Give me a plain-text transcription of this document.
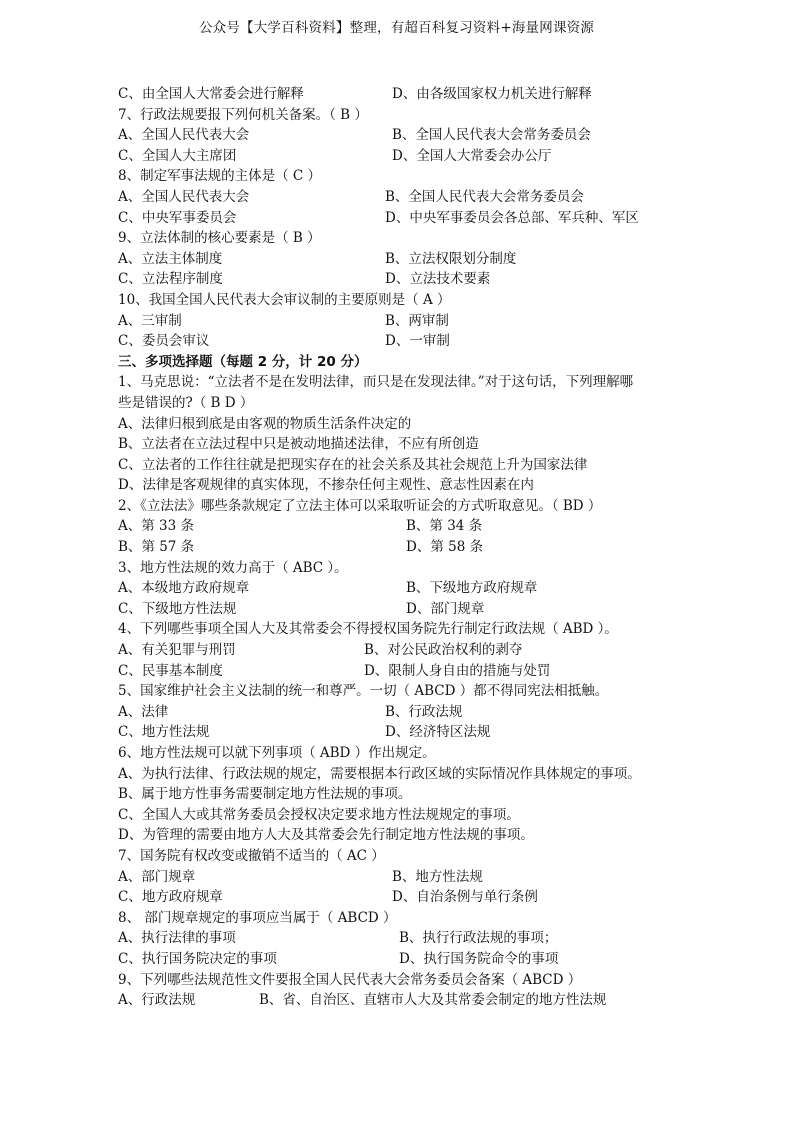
公众号【大学百科资料】整理，有超百科复习资料+海量网课资源
C、由全国人大常委会进行解释	D、由各级国家权力机关进行解释
7、行政法规要报下列何机关备案。（ B ）
A、全国人民代表大会	B、全国人民代表大会常务委员会
C、全国人大主席团	D、全国人大常委会办公厅
8、制定军事法规的主体是（ C ）
A、全国人民代表大会	B、全国人民代表大会常务委员会
C、中央军事委员会	D、中央军事委员会各总部、军兵种、军区
9、立法体制的核心要素是（ B ）
A、立法主体制度	B、立法权限划分制度
C、立法程序制度	D、立法技术要素
10、我国全国人民代表大会审议制的主要原则是（ A ）
A、三审制	B、两审制
C、委员会审议	D、一审制
三、多项选择题（每题 2 分，计 20 分）
1、马克思说：“立法者不是在发明法律，而只是在发现法律。”对于这句话，下列理解哪
些是错误的?（ B D ）
A、法律归根到底是由客观的物质生活条件决定的
B、立法者在立法过程中只是被动地描述法律，不应有所创造
C、立法者的工作往往就是把现实存在的社会关系及其社会规范上升为国家法律
D、法律是客观规律的真实体现，不掺杂任何主观性、意志性因素在内
2、《立法法》哪些条款规定了立法主体可以采取听证会的方式听取意见。（ BD ）
A、第 33 条	B、第 34 条
B、第 57 条	D、第 58 条
3、地方性法规的效力高于（ ABC ）。
A、本级地方政府规章	B、下级地方政府规章
C、下级地方性法规	D、部门规章
4、下列哪些事项全国人大及其常委会不得授权国务院先行制定行政法规（ ABD ）。
A、有关犯罪与刑罚	B、对公民政治权利的剥夺
C、民事基本制度	D、限制人身自由的措施与处罚
5、国家维护社会主义法制的统一和尊严。一切（ ABCD ）都不得同宪法相抵触。
A、法律	B、行政法规
C、地方性法规	D、经济特区法规
6、地方性法规可以就下列事项（ ABD ）作出规定。
A、为执行法律、行政法规的规定，需要根据本行政区域的实际情况作具体规定的事项。
B、属于地方性事务需要制定地方性法规的事项。
C、全国人大或其常务委员会授权决定要求地方性法规规定的事项。
D、为管理的需要由地方人大及其常委会先行制定地方性法规的事项。
7、国务院有权改变或撤销不适当的（ AC ）
A、部门规章	B、地方性法规
C、地方政府规章	D、自治条例与单行条例
8、 部门规章规定的事项应当属于（ ABCD ）
A、执行法律的事项	B、执行行政法规的事项；
C、执行国务院决定的事项	D、执行国务院命令的事项
9、下列哪些法规范性文件要报全国人民代表大会常务委员会备案（ ABCD ）
A、行政法规	B、省、自治区、直辖市人大及其常委会制定的地方性法规
